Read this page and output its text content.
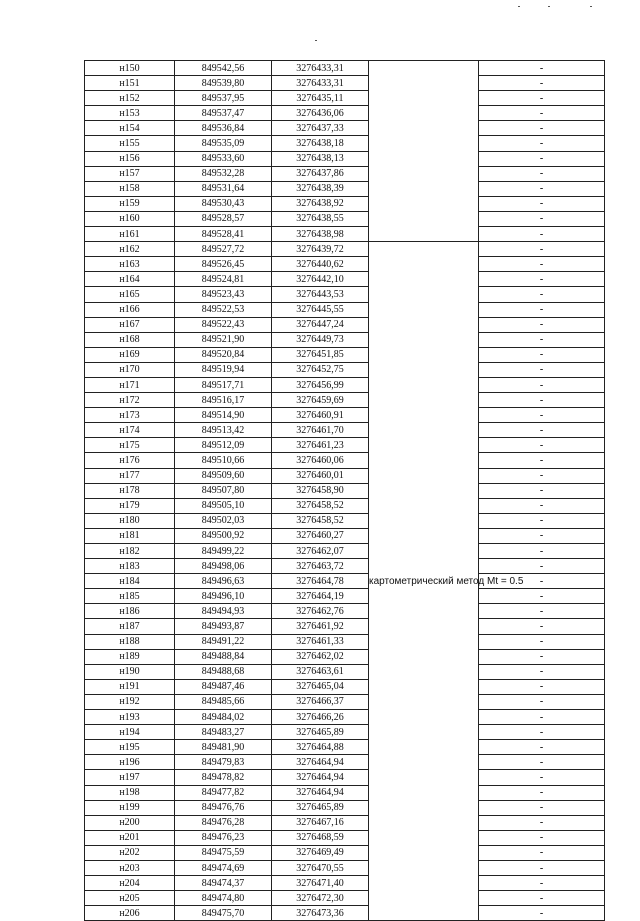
н150	849542,56	3276433,31		-
н151	849539,80	3276433,31		-
н152	849537,95	3276435,11		-
н153	849537,47	3276436,06		-
н154	849536,84	3276437,33		-
н155	849535,09	3276438,18		-
н156	849533,60	3276438,13		-
н157	849532,28	3276437,86		-
н158	849531,64	3276438,39		-
н159	849530,43	3276438,92		-
н160	849528,57	3276438,55		-
н161	849528,41	3276438,98		-
н162	849527,72	3276439,72	картометрический метод Mt = 0.5	-
н163	849526,45	3276440,62		-
н164	849524,81	3276442,10		-
н165	849523,43	3276443,53		-
н166	849522,53	3276445,55		-
н167	849522,43	3276447,24		-
н168	849521,90	3276449,73		-
н169	849520,84	3276451,85		-
н170	849519,94	3276452,75		-
н171	849517,71	3276456,99		-
н172	849516,17	3276459,69		-
н173	849514,90	3276460,91		-
н174	849513,42	3276461,70		-
н175	849512,09	3276461,23		-
н176	849510,66	3276460,06		-
н177	849509,60	3276460,01		-
н178	849507,80	3276458,90		-
н179	849505,10	3276458,52		-
н180	849502,03	3276458,52		-
н181	849500,92	3276460,27		-
н182	849499,22	3276462,07		-
н183	849498,06	3276463,72		-
н184	849496,63	3276464,78		-
н185	849496,10	3276464,19		-
н186	849494,93	3276462,76		-
н187	849493,87	3276461,92		-
н188	849491,22	3276461,33		-
н189	849488,84	3276462,02		-
н190	849488,68	3276463,61		-
н191	849487,46	3276465,04		-
н192	849485,66	3276466,37		-
н193	849484,02	3276466,26		-
н194	849483,27	3276465,89		-
н195	849481,90	3276464,88		-
н196	849479,83	3276464,94		-
н197	849478,82	3276464,94		-
н198	849477,82	3276464,94		-
н199	849476,76	3276465,89		-
н200	849476,28	3276467,16		-
н201	849476,23	3276468,59		-
н202	849475,59	3276469,49		-
н203	849474,69	3276470,55		-
н204	849474,37	3276471,40		-
н205	849474,80	3276472,30		-
н206	849475,70	3276473,36		-
